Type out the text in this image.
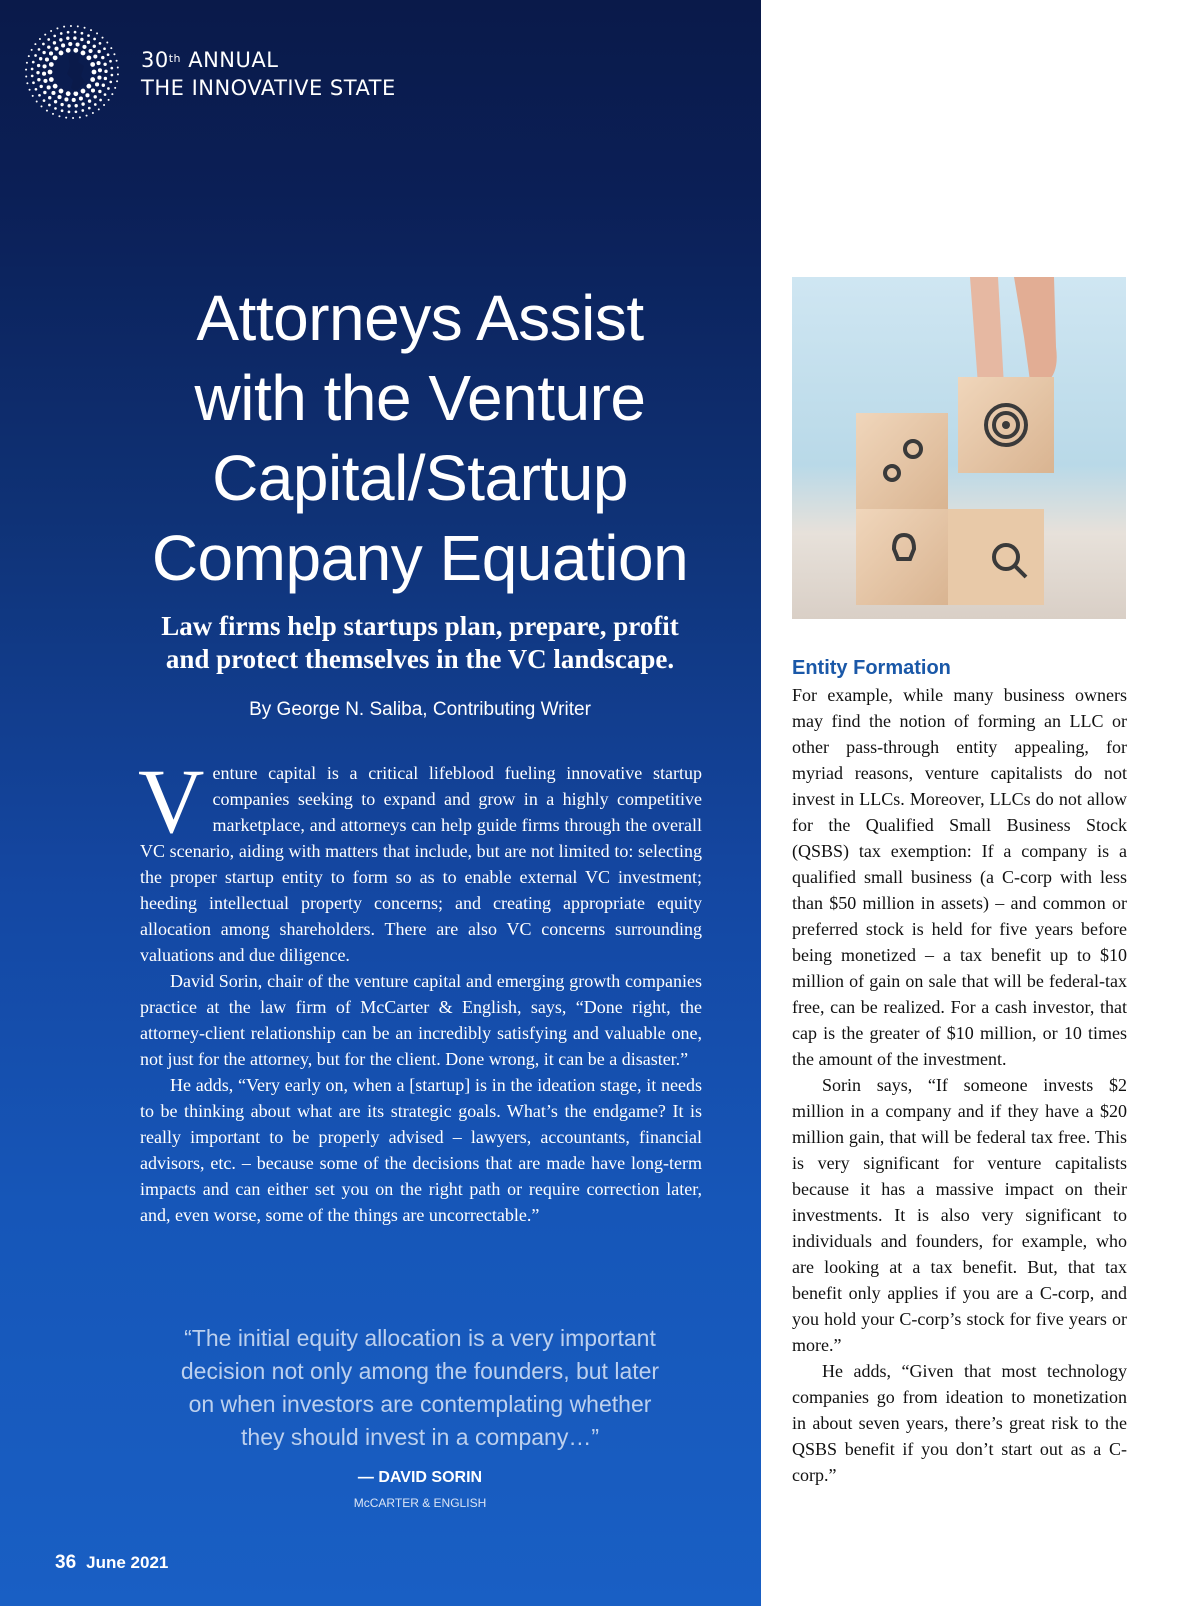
30th ANNUAL
THE INNOVATIVE STATE
Attorneys Assist
with the Venture
Capital/Startup
Company Equation
Law firms help startups plan, prepare, profit
and protect themselves in the VC landscape.
By George N. Saliba, Contributing Writer

Venture capital is a critical lifeblood fueling innovative startup companies seeking to expand and grow in a highly competitive marketplace, and attorneys can help guide firms through the overall VC scenario, aiding with matters that include, but are not limited to: selecting the proper startup entity to form so as to enable external VC investment; heeding intellectual property concerns; and creating appropriate equity allocation among shareholders. There are also VC concerns surrounding valuations and due diligence.

David Sorin, chair of the venture capital and emerging growth companies practice at the law firm of McCarter & English, says, “Done right, the attorney-client relationship can be an incredibly satisfying and valuable one, not just for the attorney, but for the client. Done wrong, it can be a disaster.”

He adds, “Very early on, when a [startup] is in the ideation stage, it needs to be thinking about what are its strategic goals. What’s the endgame? It is really important to be properly advised – lawyers, accountants, financial advisors, etc. – because some of the decisions that are made have long-term impacts and can either set you on the right path or require correction later, and, even worse, some of the things are uncorrectable.”

“The initial equity allocation is a very important
decision not only among the founders, but later
on when investors are contemplating whether
they should invest in a company…”
— DAVID SORIN
McCARTER & ENGLISH
36 June 2021
Entity Formation

For example, while many business owners may find the notion of forming an LLC or other pass-through entity appealing, for myriad reasons, venture capitalists do not invest in LLCs. Moreover, LLCs do not allow for the Qualified Small Business Stock (QSBS) tax exemption: If a company is a qualified small business (a C-corp with less than $50 million in assets) – and common or preferred stock is held for five years before being monetized – a tax benefit up to $10 million of gain on sale that will be federal-tax free, can be realized. For a cash investor, that cap is the greater of $10 million, or 10 times the amount of the investment.

Sorin says, “If someone invests $2 million in a company and if they have a $20 million gain, that will be federal tax free. This is very significant for venture capitalists because it has a massive impact on their investments. It is also very significant to individuals and founders, for example, who are looking at a tax benefit. But, that tax benefit only applies if you are a C-corp, and you hold your C-corp’s stock for five years or more.”

He adds, “Given that most technology companies go from ideation to monetization in about seven years, there’s great risk to the QSBS benefit if you don’t start out as a C-corp.”
